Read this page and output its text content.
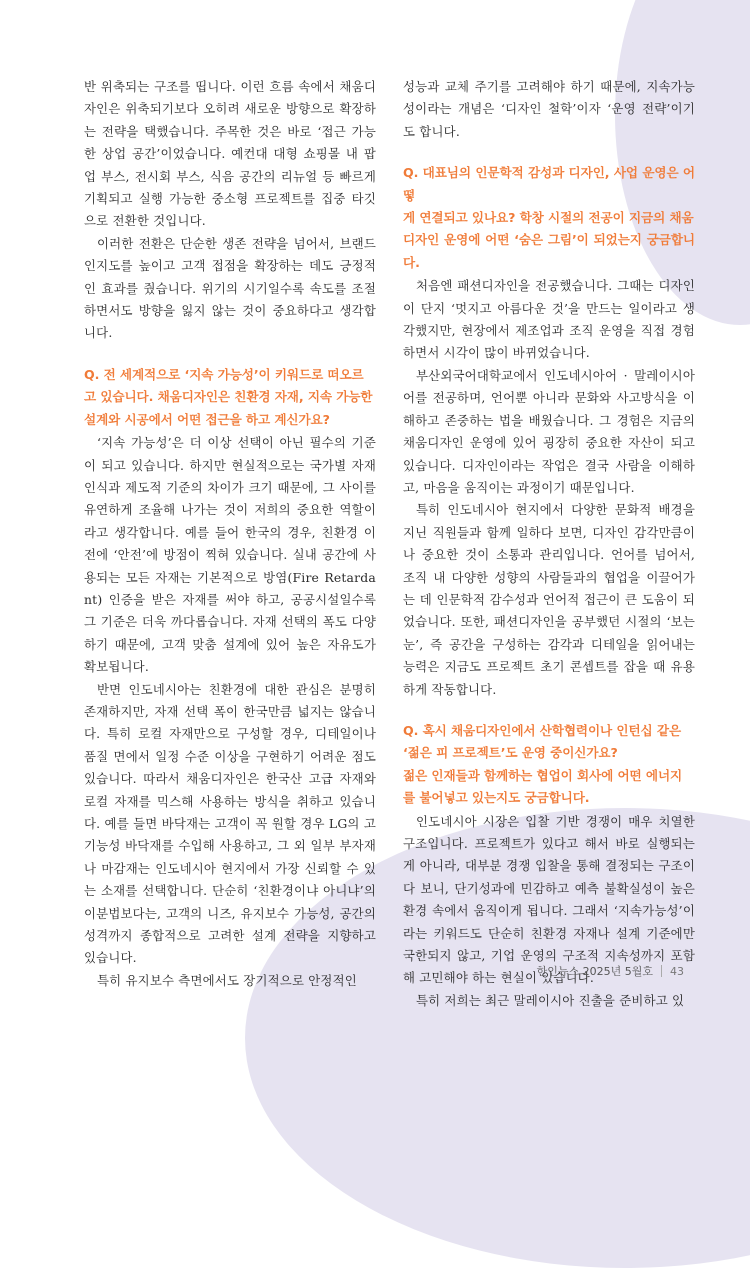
반 위축되는 구조를 띱니다. 이런 흐름 속에서 채움디자인은 위축되기보다 오히려 새로운 방향으로 확장하는 전략을 택했습니다. 주목한 것은 바로 ‘접근 가능한 상업 공간’이었습니다. 예컨대 대형 쇼핑몰 내 팝업 부스, 전시회 부스, 식음 공간의 리뉴얼 등 빠르게 기획되고 실행 가능한 중소형 프로젝트를 집중 타깃으로 전환한 것입니다.

이러한 전환은 단순한 생존 전략을 넘어서, 브랜드 인지도를 높이고 고객 접점을 확장하는 데도 긍정적인 효과를 줬습니다. 위기의 시기일수록 속도를 조절하면서도 방향을 잃지 않는 것이 중요하다고 생각합니다.

Q. 전 세계적으로 ‘지속 가능성’이 키워드로 떠오르
고 있습니다. 채움디자인은 친환경 자재, 지속 가능한
설계와 시공에서 어떤 접근을 하고 계신가요?

‘지속 가능성’은 더 이상 선택이 아닌 필수의 기준이 되고 있습니다. 하지만 현실적으로는 국가별 자재 인식과 제도적 기준의 차이가 크기 때문에, 그 사이를 유연하게 조율해 나가는 것이 저희의 중요한 역할이라고 생각합니다. 예를 들어 한국의 경우, 친환경 이전에 ‘안전’에 방점이 찍혀 있습니다. 실내 공간에 사용되는 모든 자재는 기본적으로 방염(Fire Retardant) 인증을 받은 자재를 써야 하고, 공공시설일수록 그 기준은 더욱 까다롭습니다. 자재 선택의 폭도 다양하기 때문에, 고객 맞춤 설계에 있어 높은 자유도가 확보됩니다.

반면 인도네시아는 친환경에 대한 관심은 분명히 존재하지만, 자재 선택 폭이 한국만큼 넓지는 않습니다. 특히 로컬 자재만으로 구성할 경우, 디테일이나 품질 면에서 일정 수준 이상을 구현하기 어려운 점도 있습니다. 따라서 채움디자인은 한국산 고급 자재와 로컬 자재를 믹스해 사용하는 방식을 취하고 있습니다. 예를 들면 바닥재는 고객이 꼭 원할 경우 LG의 고기능성 바닥재를 수입해 사용하고, 그 외 일부 부자재나 마감재는 인도네시아 현지에서 가장 신뢰할 수 있는 소재를 선택합니다. 단순히 ‘친환경이냐 아니냐’의 이분법보다는, 고객의 니즈, 유지보수 가능성, 공간의 성격까지 종합적으로 고려한 설계 전략을 지향하고 있습니다.

특히 유지보수 측면에서도 장기적으로 안정적인

성능과 교체 주기를 고려해야 하기 때문에, 지속가능성이라는 개념은 ‘디자인 철학’이자 ‘운영 전략’이기도 합니다.

Q. 대표님의 인문학적 감성과 디자인, 사업 운영은 어떻
게 연결되고 있나요? 학창 시절의 전공이 지금의 채움
디자인 운영에 어떤 ‘숨은 그림’이 되었는지 궁금합니다.

처음엔 패션디자인을 전공했습니다. 그때는 디자인이 단지 ‘멋지고 아름다운 것’을 만드는 일이라고 생각했지만, 현장에서 제조업과 조직 운영을 직접 경험하면서 시각이 많이 바뀌었습니다.

부산외국어대학교에서 인도네시아어 · 말레이시아어를 전공하며, 언어뿐 아니라 문화와 사고방식을 이해하고 존중하는 법을 배웠습니다. 그 경험은 지금의 채움디자인 운영에 있어 굉장히 중요한 자산이 되고 있습니다. 디자인이라는 작업은 결국 사람을 이해하고, 마음을 움직이는 과정이기 때문입니다.

특히 인도네시아 현지에서 다양한 문화적 배경을 지닌 직원들과 함께 일하다 보면, 디자인 감각만큼이나 중요한 것이 소통과 관리입니다. 언어를 넘어서, 조직 내 다양한 성향의 사람들과의 협업을 이끌어가는 데 인문학적 감수성과 언어적 접근이 큰 도움이 되었습니다. 또한, 패션디자인을 공부했던 시절의 ‘보는 눈’, 즉 공간을 구성하는 감각과 디테일을 읽어내는 능력은 지금도 프로젝트 초기 콘셉트를 잡을 때 유용하게 작동합니다.

Q. 혹시 채움디자인에서 산학협력이나 인턴십 같은
‘젊은 피 프로젝트’도 운영 중이신가요?
젊은 인재들과 함께하는 협업이 회사에 어떤 에너지
를 불어넣고 있는지도 궁금합니다.

인도네시아 시장은 입찰 기반 경쟁이 매우 치열한 구조입니다. 프로젝트가 있다고 해서 바로 실행되는 게 아니라, 대부분 경쟁 입찰을 통해 결정되는 구조이다 보니, 단기성과에 민감하고 예측 불확실성이 높은 환경 속에서 움직이게 됩니다. 그래서 ‘지속가능성’이라는 키워드도 단순히 친환경 자재나 설계 기준에만 국한되지 않고, 기업 운영의 구조적 지속성까지 포함해 고민해야 하는 현실이 있습니다.

특히 저희는 최근 말레이시아 진출을 준비하고 있

한인뉴스 2025년 5월호 43
